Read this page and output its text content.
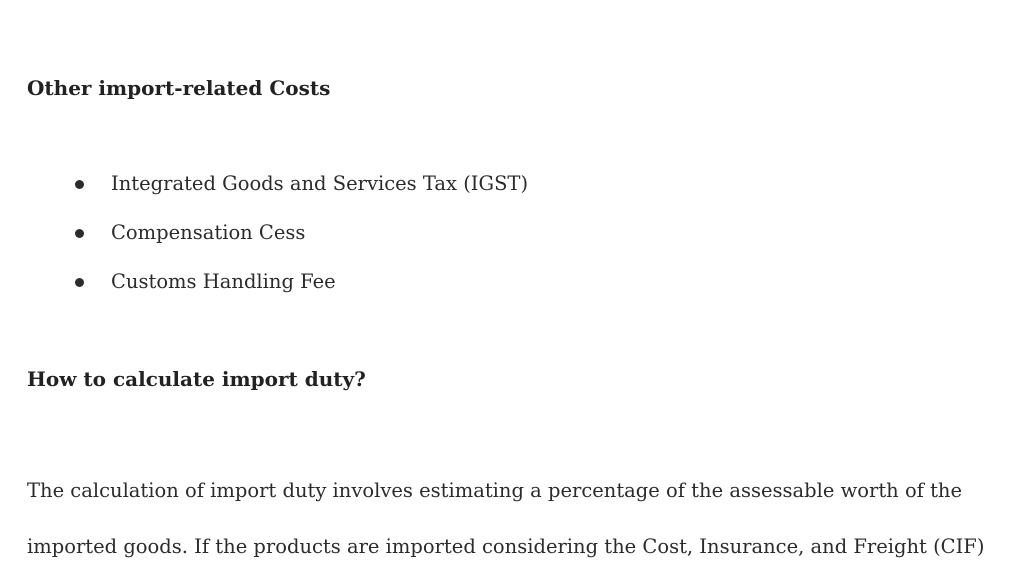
Other import-related Costs
Integrated Goods and Services Tax (IGST)
Compensation Cess
Customs Handling Fee
How to calculate import duty?

The calculation of import duty involves estimating a percentage of the assessable worth of the
imported goods. If the products are imported considering the Cost, Insurance, and Freight (CIF)
